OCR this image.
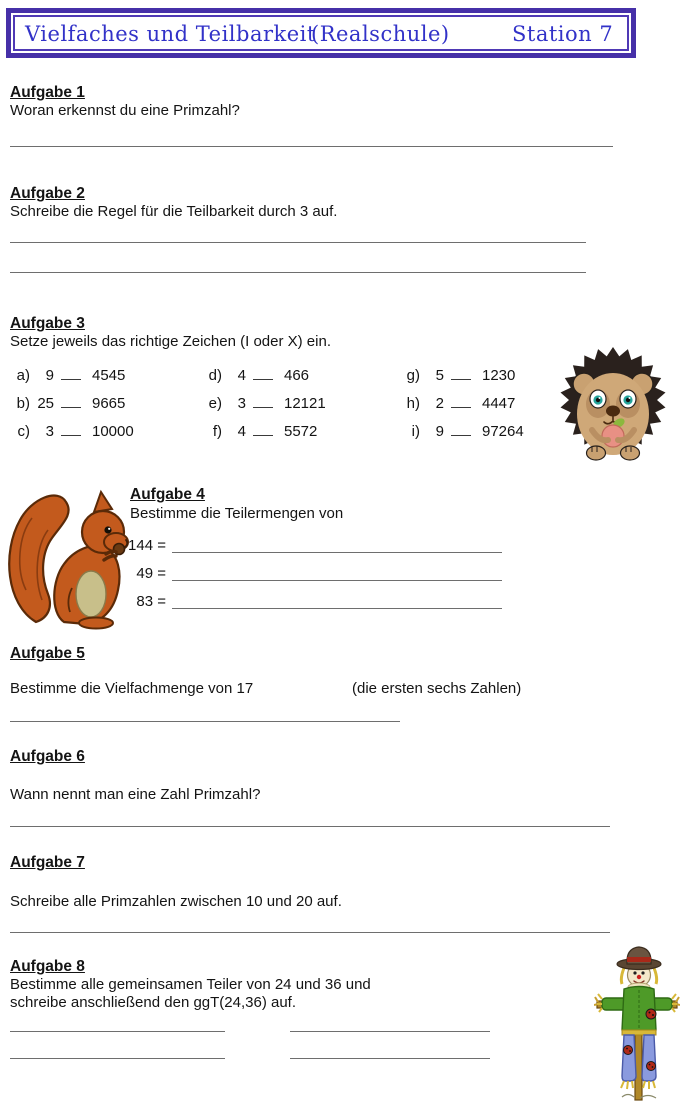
Vielfaches und Teilbarkeit
(Realschule)	Station 7
Aufgabe 1
Woran erkennst du eine Primzahl?
Aufgabe 2
Schreibe die Regel für die Teilbarkeit durch 3 auf.
Aufgabe 3
Setze jeweils das richtige Zeichen (I oder X) ein.
a)	9	4545
b) 25	9665
c)	3	10000
d)	4	466
e)	3	12121
f)	4	5572
g)	5	1230
h)	2	4447
i)	9	97264
Aufgabe 4
Bestimme die Teilermengen von
144 =
49 =
83 =
Aufgabe 5
Bestimme die Vielfachmenge von 17	(die ersten sechs Zahlen)
Aufgabe 6
Wann nennt man eine Zahl Primzahl?
Aufgabe 7
Schreibe alle Primzahlen zwischen 10 und 20 auf.
Aufgabe 8
Bestimme alle gemeinsamen Teiler von 24 und 36 und
schreibe anschließend den ggT(24,36) auf.
